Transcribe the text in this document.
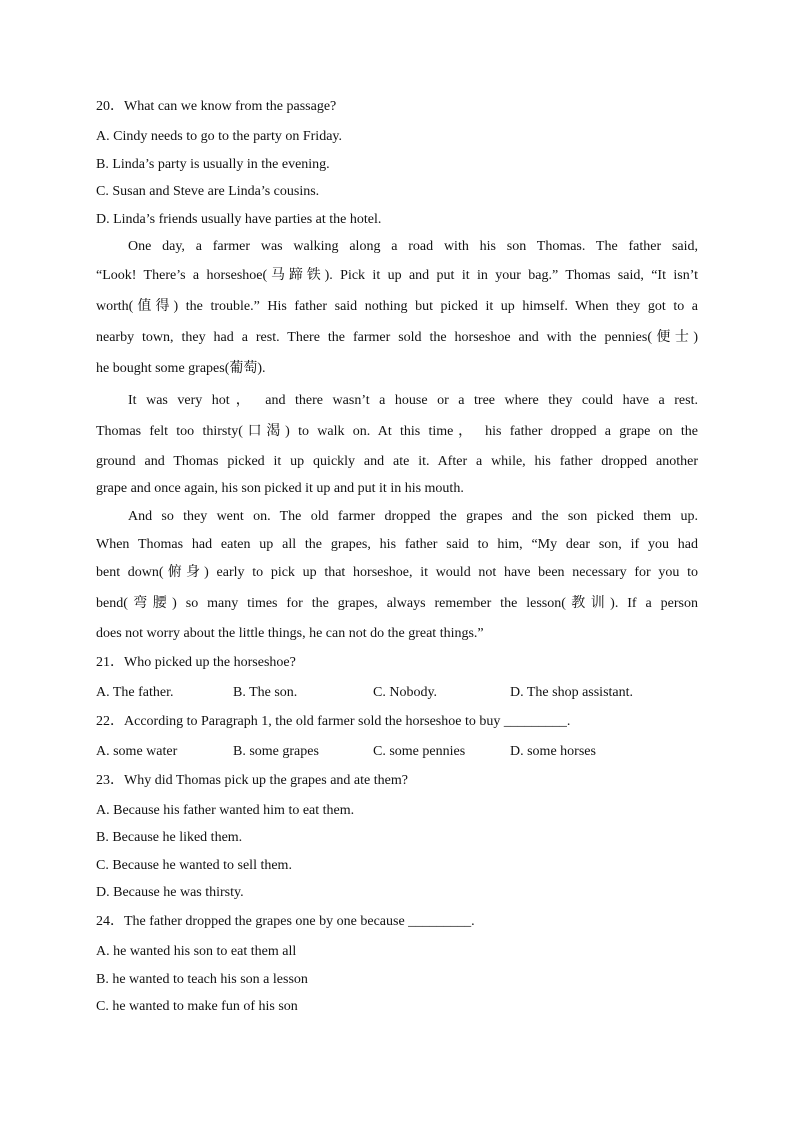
20．What can we know from the passage?
A. Cindy needs to go to the party on Friday.
B. Linda’s party is usually in the evening.
C. Susan and Steve are Linda’s cousins.
D. Linda’s friends usually have parties at the hotel.
One day, a farmer was walking along a road with his son Thomas. The father said,
“Look! There’s a horseshoe(马蹄铁). Pick it up and put it in your bag.” Thomas said, “It isn’t
worth(值得) the trouble.” His father said nothing but picked it up himself. When they got to a
nearby town, they had a rest. There the farmer sold the horseshoe and with the pennies(便士)
he bought some grapes(葡萄).
It was very hot， and there wasn’t a house or a tree where they could have a rest.
Thomas felt too thirsty(口渴) to walk on. At this time， his father dropped a grape on the
ground and Thomas picked it up quickly and ate it. After a while, his father dropped another
grape and once again, his son picked it up and put it in his mouth.
And so they went on. The old farmer dropped the grapes and the son picked them up.
When Thomas had eaten up all the grapes, his father said to him, “My dear son, if you had
bent down(俯身) early to pick up that horseshoe, it would not have been necessary for you to
bend(弯腰) so many times for the grapes, always remember the lesson(教训). If a person
does not worry about the little things, he can not do the great things.”
21．Who picked up the horseshoe?
A. The father.	B. The son.	C. Nobody.	D. The shop assistant.
22．According to Paragraph 1, the old farmer sold the horseshoe to buy _________.
A. some water	B. some grapes	C. some pennies	D. some horses
23．Why did Thomas pick up the grapes and ate them?
A. Because his father wanted him to eat them.
B. Because he liked them.
C. Because he wanted to sell them.
D. Because he was thirsty.
24．The father dropped the grapes one by one because _________.
A. he wanted his son to eat them all
B. he wanted to teach his son a lesson
C. he wanted to make fun of his son
